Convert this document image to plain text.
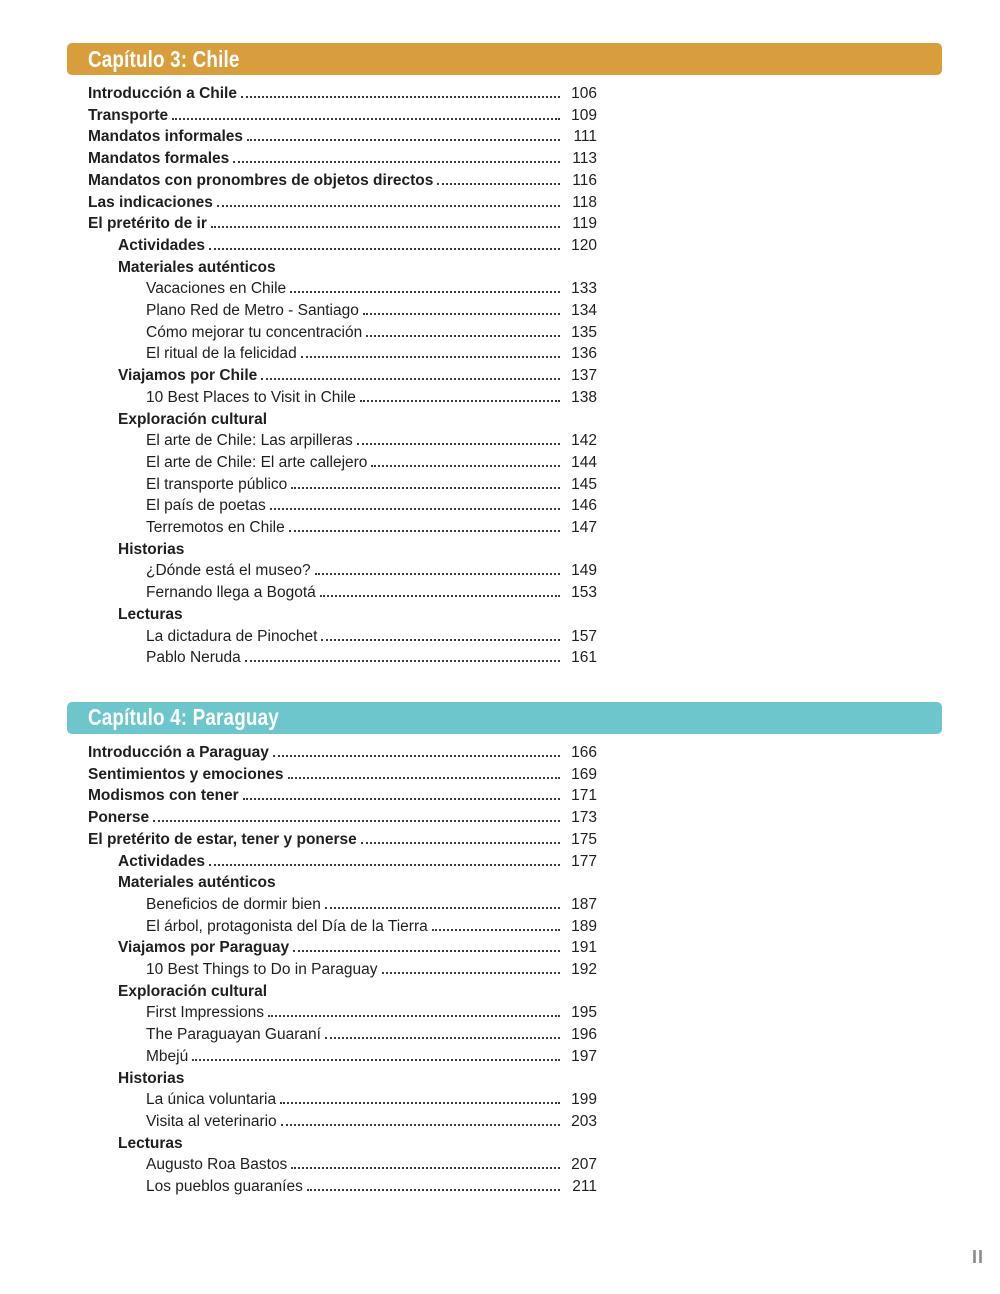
Capítulo 3: Chile
Introducción a Chile	106
Transporte	109
Mandatos informales	111
Mandatos formales	113
Mandatos con pronombres de objetos directos	116
Las indicaciones	118
El pretérito de ir	119
Actividades	120
Materiales auténticos
Vacaciones en Chile	133
Plano Red de Metro - Santiago	134
Cómo mejorar tu concentración	135
El ritual de la felicidad	136
Viajamos por Chile	137
10 Best Places to Visit in Chile	138
Exploración cultural
El arte de Chile: Las arpilleras	142
El arte de Chile: El arte callejero	144
El transporte público	145
El país de poetas	146
Terremotos en Chile	147
Historias
¿Dónde está el museo?	149
Fernando llega a Bogotá	153
Lecturas
La dictadura de Pinochet	157
Pablo Neruda	161
Capítulo 4: Paraguay
Introducción a Paraguay	166
Sentimientos y emociones	169
Modismos con tener	171
Ponerse	173
El pretérito de estar, tener y ponerse	175
Actividades	177
Materiales auténticos
Beneficios de dormir bien	187
El árbol, protagonista del Día de la Tierra	189
Viajamos por Paraguay	191
10 Best Things to Do in Paraguay	192
Exploración cultural
First Impressions	195
The Paraguayan Guaraní	196
Mbejú	197
Historias
La única voluntaria	199
Visita al veterinario	203
Lecturas
Augusto Roa Bastos	207
Los pueblos guaraníes	211
II
